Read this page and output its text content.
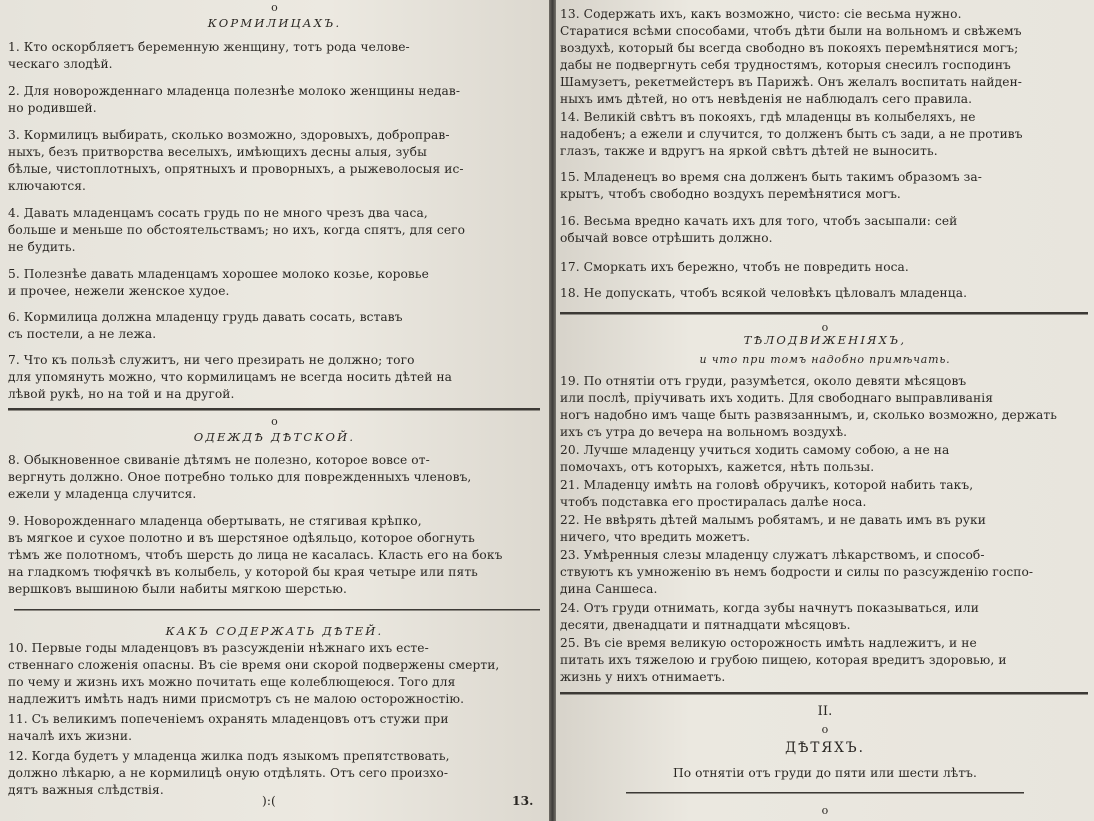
o
КОРМИЛИЦАХЪ.
1. Кто оскорбляетъ беременную женщину, тотъ рода челове-
ческаго злодѣй.
2. Для новорожденнаго младенца полезнѣе молоко женщины недав-
но родившей.
3. Кормилицъ выбирать, сколько возможно, здоровыхъ, доброправ-
ныхъ, безъ притворства веселыхъ, имѣющихъ десны алыя, зубы
бѣлые, чистоплотныхъ, опрятныхъ и проворныхъ, а рыжеволосыя ис-
ключаются.
4. Давать младенцамъ сосать грудь по не много чрезъ два часа,
больше и меньше по обстоятельствамъ; но ихъ, когда спятъ, для сего
не будить.
5. Полезнѣе давать младенцамъ хорошее молоко козье, коровье
и прочее, нежели женское худое.
6. Кормилица должна младенцу грудь давать сосать, вставъ
съ постели, а не лежа.
7. Что къ пользѣ служитъ, ни чего презирать не должно; того
для упомянуть можно, что кормилицамъ не всегда носить дѣтей на
лѣвой рукѣ, но на той и на другой.
o
ОДЕЖДѢ ДѢТСКОЙ.
8. Обыкновенное свиваніе дѣтямъ не полезно, которое вовсе от-
вергнуть должно. Оное потребно только для поврежденныхъ членовъ,
ежели у младенца случится.
9. Новорожденнаго младенца обертывать, не стягивая крѣпко,
въ мягкое и сухое полотно и въ шерстяное одѣяльцо, которое обогнуть
тѣмъ же полотномъ, чтобъ шерсть до лица не касалась. Класть его на бокъ
на гладкомъ тюфячкѣ въ колыбель, у которой бы края четыре или пять
вершковъ вышиною были набиты мягкою шерстью.
КАКЪ СОДЕРЖАТЬ ДѢТЕЙ.
10. Первые годы младенцовъ въ разсужденіи нѣжнаго ихъ есте-
ственнаго сложенія опасны. Въ сіе время они скорой подвержены смерти,
по чему и жизнь ихъ можно почитать еще колеблющеюся. Того для
надлежитъ имѣть надъ ними присмотръ съ не малою осторожностію.
11. Съ великимъ попеченіемъ охранять младенцовъ отъ стужи при
началѣ ихъ жизни.
12. Когда будетъ у младенца жилка подъ языкомъ препятствовать,
должно лѣкарю, а не кормилицѣ оную отдѣлять. Отъ сего произхо-
дятъ важныя слѣдствія.
):(	13.
13. Содержать ихъ, какъ возможно, чисто: сіе весьма нужно.
Старатися всѣми способами, чтобъ дѣти были на вольномъ и свѣжемъ
воздухѣ, который бы всегда свободно въ покояхъ перемѣнятися могъ;
дабы не подвергнуть себя трудностямъ, которыя снесилъ господинъ
Шамузетъ, рекетмейстеръ въ Парижѣ. Онъ желалъ воспитать найден-
ныхъ имъ дѣтей, но отъ невѣденія не наблюдалъ сего правила.
14. Великій свѣтъ въ покояхъ, гдѣ младенцы въ колыбеляхъ, не
надобенъ; а ежели и случится, то долженъ быть съ зади, а не противъ
глазъ, также и вдругъ на яркой свѣтъ дѣтей не выносить.
15. Младенецъ во время сна долженъ быть такимъ образомъ за-
крытъ, чтобъ свободно воздухъ перемѣнятися могъ.
16. Весьма вредно качать ихъ для того, чтобъ засыпали: сей
обычай вовсе отрѣшить должно.
17. Сморкать ихъ бережно, чтобъ не повредить носа.
18. Не допускать, чтобъ всякой человѣкъ цѣловалъ младенца.
o
ТѢЛОДВИЖЕНІЯХЪ,
и что при томъ надобно примѣчать.
19. По отнятіи отъ груди, разумѣется, около девяти мѣсяцовъ
или послѣ, пріучивать ихъ ходить. Для свободнаго выправливанія
ногъ надобно имъ чаще быть развязаннымъ, и, сколько возможно, держать
ихъ съ утра до вечера на вольномъ воздухѣ.
20. Лучше младенцу учиться ходить самому собою, а не на
помочахъ, отъ которыхъ, кажется, нѣть пользы.
21. Младенцу имѣть на головѣ обручикъ, которой набить такъ,
чтобъ подставка его простиралась далѣе носа.
22. Не ввѣрять дѣтей малымъ робятамъ, и не давать имъ въ руки
ничего, что вредить можетъ.
23. Умѣренныя слезы младенцу служатъ лѣкарствомъ, и способ-
ствуютъ къ умноженію въ немъ бодрости и силы по разсужденію госпо-
дина Саншеса.
24. Отъ груди отнимать, когда зубы начнутъ показываться, или
десяти, двенадцати и пятнадцати мѣсяцовъ.
25. Въ сіе время великую осторожность имѣть надлежитъ, и не
питать ихъ тяжелою и грубою пищею, которая вредитъ здоровью, и
жизнь у нихъ отнимаетъ.
II.
o
ДѢТЯХЪ.
По отнятіи отъ груди до пяти или шести лѣтъ.
o
